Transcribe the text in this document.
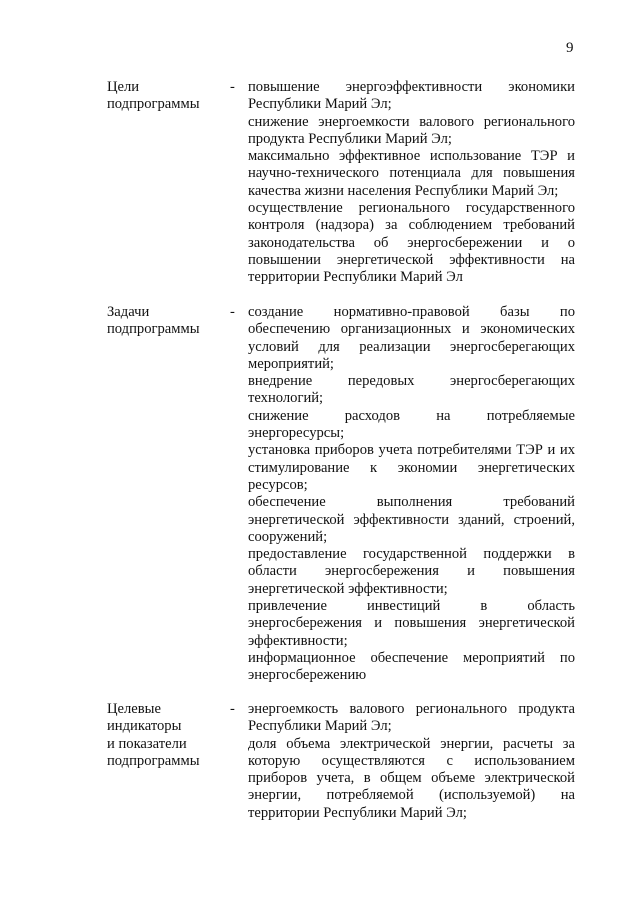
9
Цели
подпрограммы
- повышение энергоэффективности экономики Республики Марий Эл;
снижение энергоемкости валового регионального продукта Республики Марий Эл;
максимально эффективное использование ТЭР и научно-технического потенциала для повышения качества жизни населения Республики Марий Эл;
осуществление регионального государственного контроля (надзора) за соблюдением требований законодательства об энергосбережении и о повышении энергетической эффективности на территории Республики Марий Эл
Задачи
подпрограммы
- создание нормативно-правовой базы по обеспечению организационных и экономических условий для реализации энергосберегающих мероприятий;
внедрение передовых энергосберегающих технологий;
снижение расходов на потребляемые энергоресурсы;
установка приборов учета потребителями ТЭР и их стимулирование к экономии энергетических ресурсов;
обеспечение выполнения требований энергетической эффективности зданий, строений, сооружений;
предоставление государственной поддержки в области энергосбережения и повышения энергетической эффективности;
привлечение инвестиций в область энергосбережения и повышения энергетической эффективности;
информационное обеспечение мероприятий по энергосбережению
Целевые
индикаторы
и показатели
подпрограммы
- энергоемкость валового регионального продукта Республики Марий Эл;
доля объема электрической энергии, расчеты за которую осуществляются с использованием приборов учета, в общем объеме электрической энергии, потребляемой (используемой) на территории Республики Марий Эл;
